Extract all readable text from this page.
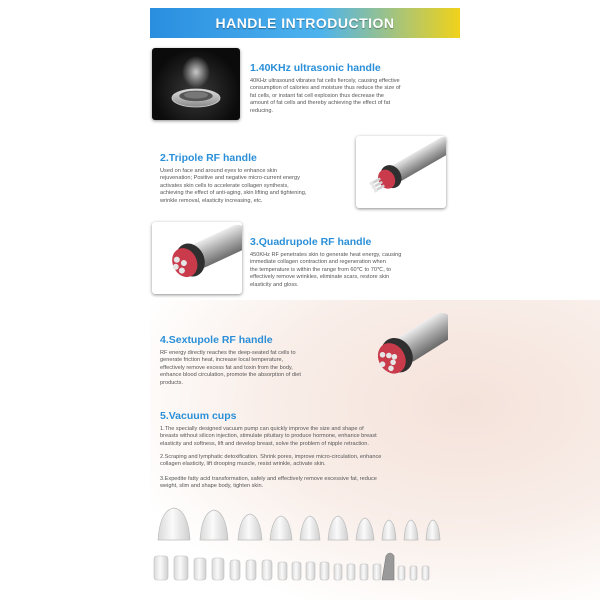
HANDLE INTRODUCTION
1.40KHz ultrasonic handle

40KHz ultrasound vibrates fat cells fiercely, causing effective
consumption of calories and moisture thus reduce the size of
fat cells, or instant fat cell explosion thus decrease the
amount of fat cells and thereby achieving the effect of fat
reducing.

2.Tripole RF handle

Used on face and around eyes to enhance skin
rejuvenation; Positive and negative micro-current energy
activates skin cells to accelerate collagen synthesis,
achieving the effect of anti-aging, skin lifting and tightening,
wrinkle removal, elasticity increasing, etc.

3.Quadrupole RF handle

450KHz RF penetrates skin to generate heat energy, causing
immediate collagen contraction and regeneration when
the temperature is within the range from 60℃ to 70℃, to
effectively remove wrinkles, eliminate scars, restore skin
elasticity and gloss.

4.Sextupole RF handle

RF energy directly reaches the deep-seated fat cells to
generate friction heat, increase local temperature,
effectively remove excess fat and toxin from the body,
enhance blood circulation, promote the absorption of diet
products.

5.Vacuum cups

1.The specially designed vacuum pump can quickly improve the size and shape of
breasts without silicon injection, stimulate pituitary to produce hormone, enhance breast
elasticity and softness, lift and develop breast, solve the problem of nipple retraction.

2.Scraping and lymphatic detoxification. Shrink pores, improve micro-circulation, enhance
collagen elasticity, lift drooping muscle, resist wrinkle, activate skin.

3.Expedite fatty acid transformation, safely and effectively remove excessive fat, reduce
weight, slim and shape body, tighten skin.
